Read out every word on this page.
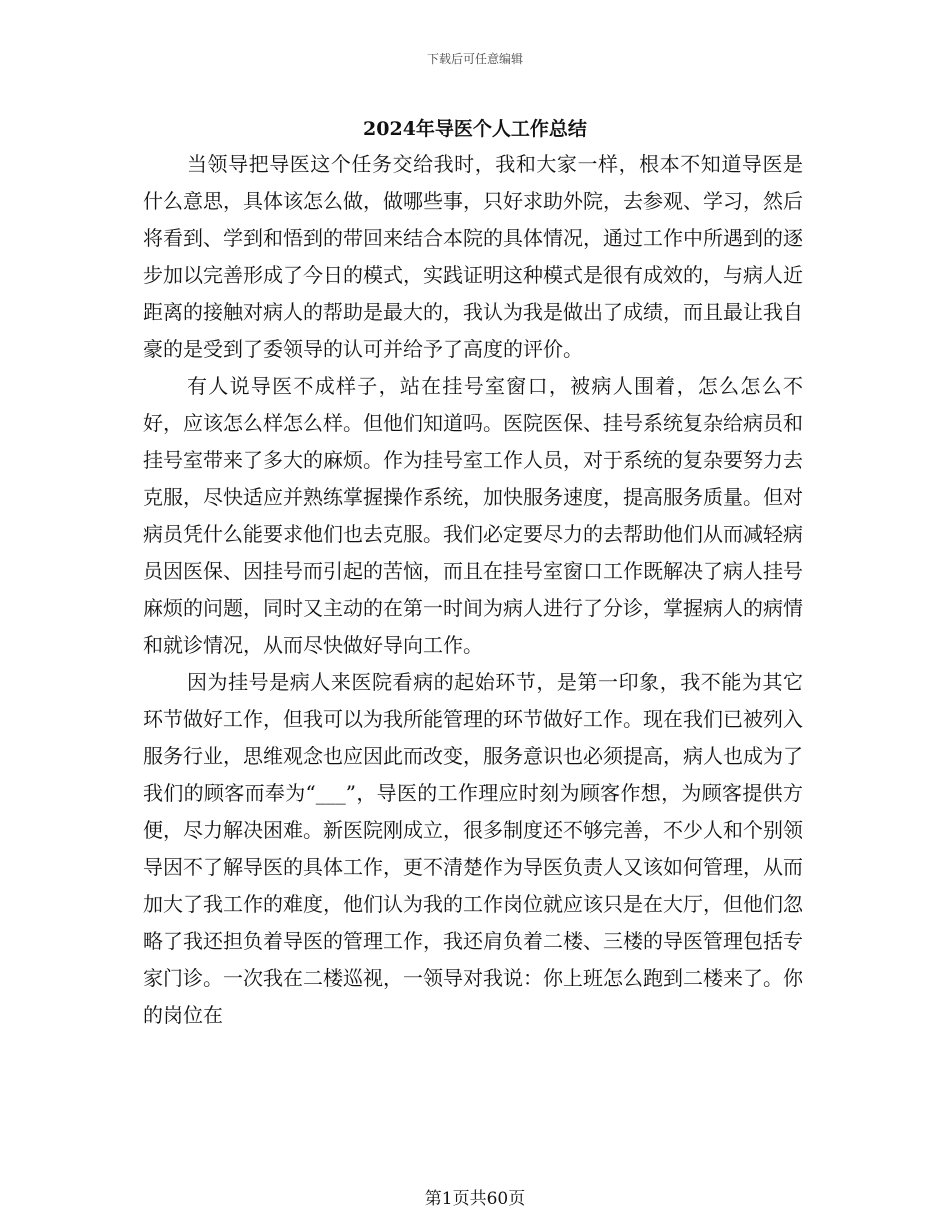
下载后可任意编辑
2024年导医个人工作总结

当领导把导医这个任务交给我时，我和大家一样，根本不知道导医是什么意思，具体该怎么做，做哪些事，只好求助外院，去参观、学习，然后将看到、学到和悟到的带回来结合本院的具体情况，通过工作中所遇到的逐步加以完善形成了今日的模式，实践证明这种模式是很有成效的，与病人近距离的接触对病人的帮助是最大的，我认为我是做出了成绩，而且最让我自豪的是受到了委领导的认可并给予了高度的评价。

有人说导医不成样子，站在挂号室窗口，被病人围着，怎么怎么不好，应该怎么样怎么样。但他们知道吗。医院医保、挂号系统复杂给病员和挂号室带来了多大的麻烦。作为挂号室工作人员，对于系统的复杂要努力去克服，尽快适应并熟练掌握操作系统，加快服务速度，提高服务质量。但对病员凭什么能要求他们也去克服。我们必定要尽力的去帮助他们从而减轻病员因医保、因挂号而引起的苦恼，而且在挂号室窗口工作既解决了病人挂号麻烦的问题，同时又主动的在第一时间为病人进行了分诊，掌握病人的病情和就诊情况，从而尽快做好导向工作。

因为挂号是病人来医院看病的起始环节，是第一印象，我不能为其它环节做好工作，但我可以为我所能管理的环节做好工作。现在我们已被列入服务行业，思维观念也应因此而改变，服务意识也必须提高，病人也成为了我们的顾客而奉为“___”，导医的工作理应时刻为顾客作想，为顾客提供方便，尽力解决困难。新医院刚成立，很多制度还不够完善，不少人和个别领导因不了解导医的具体工作，更不清楚作为导医负责人又该如何管理，从而加大了我工作的难度，他们认为我的工作岗位就应该只是在大厅，但他们忽略了我还担负着导医的管理工作，我还肩负着二楼、三楼的导医管理包括专家门诊。一次我在二楼巡视，一领导对我说：你上班怎么跑到二楼来了。你的岗位在

第1页共60页
